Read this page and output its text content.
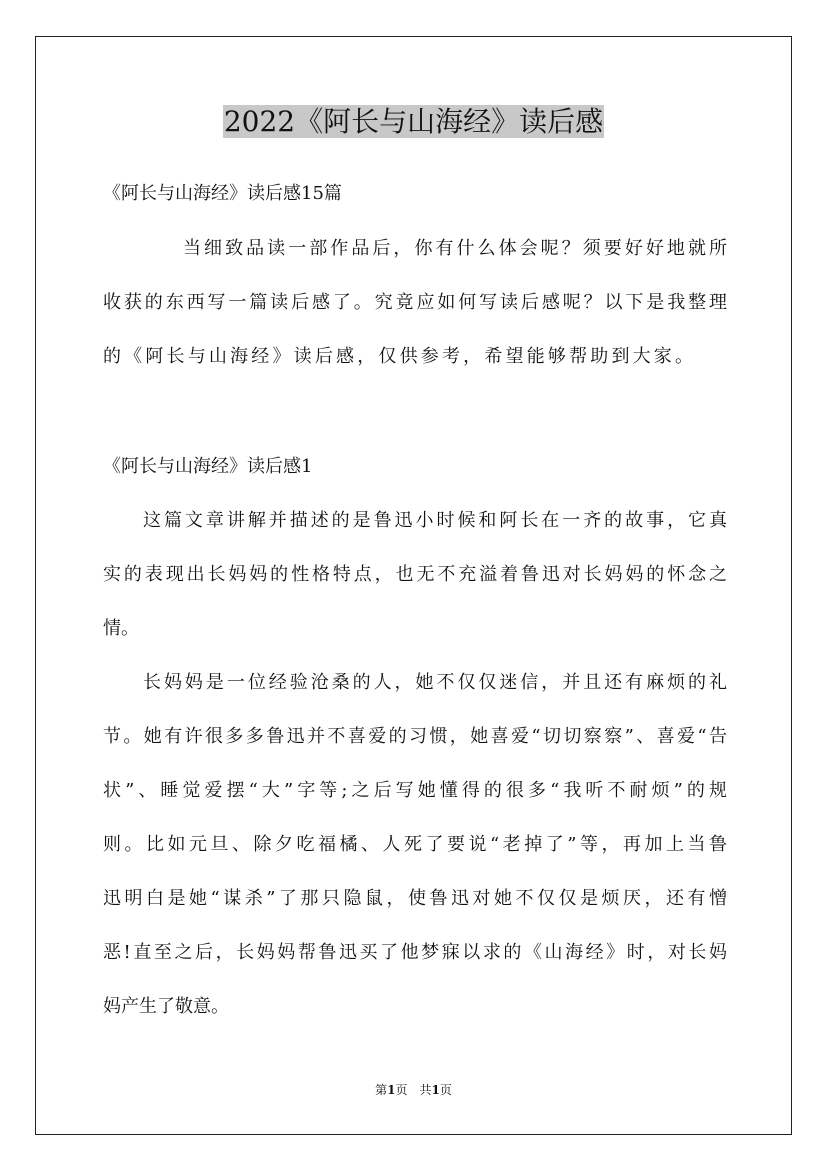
2022《阿长与山海经》读后感

《阿长与山海经》读后感15篇

当细致品读一部作品后，你有什么体会呢？须要好好地就所

收获的东西写一篇读后感了。究竟应如何写读后感呢？以下是我整理

的《阿长与山海经》读后感，仅供参考，希望能够帮助到大家。

《阿长与山海经》读后感1

这篇文章讲解并描述的是鲁迅小时候和阿长在一齐的故事，它真

实的表现出长妈妈的性格特点，也无不充溢着鲁迅对长妈妈的怀念之

情。

长妈妈是一位经验沧桑的人，她不仅仅迷信，并且还有麻烦的礼

节。她有许很多多鲁迅并不喜爱的习惯，她喜爱“切切察察”、喜爱“告

状”、睡觉爱摆“大”字等;之后写她懂得的很多“我听不耐烦”的规

则。比如元旦、除夕吃福橘、人死了要说“老掉了”等，再加上当鲁

迅明白是她“谋杀”了那只隐鼠，使鲁迅对她不仅仅是烦厌，还有憎

恶!直至之后，长妈妈帮鲁迅买了他梦寐以求的《山海经》时，对长妈

妈产生了敬意。

第1页　共1页
